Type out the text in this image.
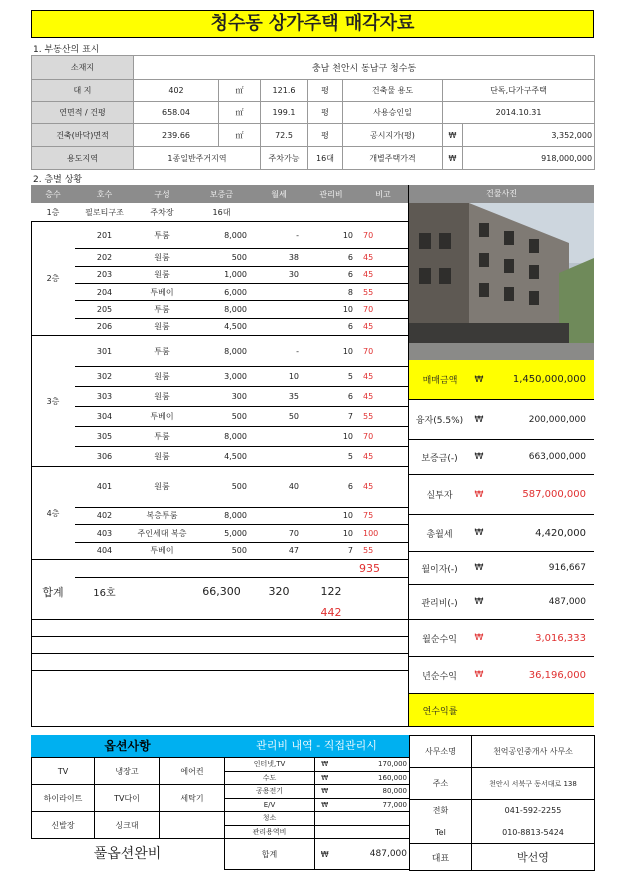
청수동 상가주택 매각자료
1. 부동산의 표시
소재지	충남 천안시 동남구 청수동						
대 지	402	㎡	121.6	평	건축물 용도	단독,다가구주택	
연면적 / 건평	658.04	㎡	199.1	평	사용승인일	2014.10.31	
건축(바닥)면적	239.66	㎡	72.5	평	공시지가(평)	₩	3,352,000
용도지역	1종일반주거지역		주차가능	16대	개별주택가격	₩	918,000,000
2. 층별 상황
층수	호수	구성	보증금	월세	관리비	비고
1층	필로티구조	주차장	16대			
2층	201	투룸	8,000	-	10	70
	202	원룸	500	38	6	45
	203	원룸	1,000	30	6	45
	204	투베이	6,000		8	55
	205	투룸	8,000		10	70
	206	원룸	4,500		6	45
3층	301	투룸	8,000	-	10	70
	302	원룸	3,000	10	5	45
	303	원룸	300	35	6	45
	304	투베이	500	50	7	55
	305	투룸	8,000		10	70
	306	원룸	4,500		5	45
4층	401	원룸	500	40	6	45
	402	복층투룸	8,000		10	75
	403	주인세대 복층	5,000	70	10	100
	404	투베이	500	47	7	55
						935
합계	16호		66,300	320	122	
					442	

건물사진
매매금액	₩	1,450,000,000
융자(5.5%)	₩	200,000,000
보증금(-)	₩	663,000,000
실투자	₩	587,000,000
총월세	₩	4,420,000
월이자(-)	₩	916,667
관리비(-)	₩	487,000
월순수익	₩	3,016,333
년순수익	₩	36,196,000
연수익률
옵션사항
TV	냉장고	에어컨
하이라이트	TV다이	세탁기
신발장	싱크대	
풀옵션완비
관리비 내역 - 직접관리시
인터넷,TV	₩	170,000
수도	₩	160,000
공용전기	₩	80,000
E/V	₩	77,000
청소		
관리용역비		
합계	₩	487,000
사무소명	천억공인중개사 사무소
주소	천안시 서북구 동서대로 138
전화	041-592-2255
Tel	010-8813-5424
대표	박선영
